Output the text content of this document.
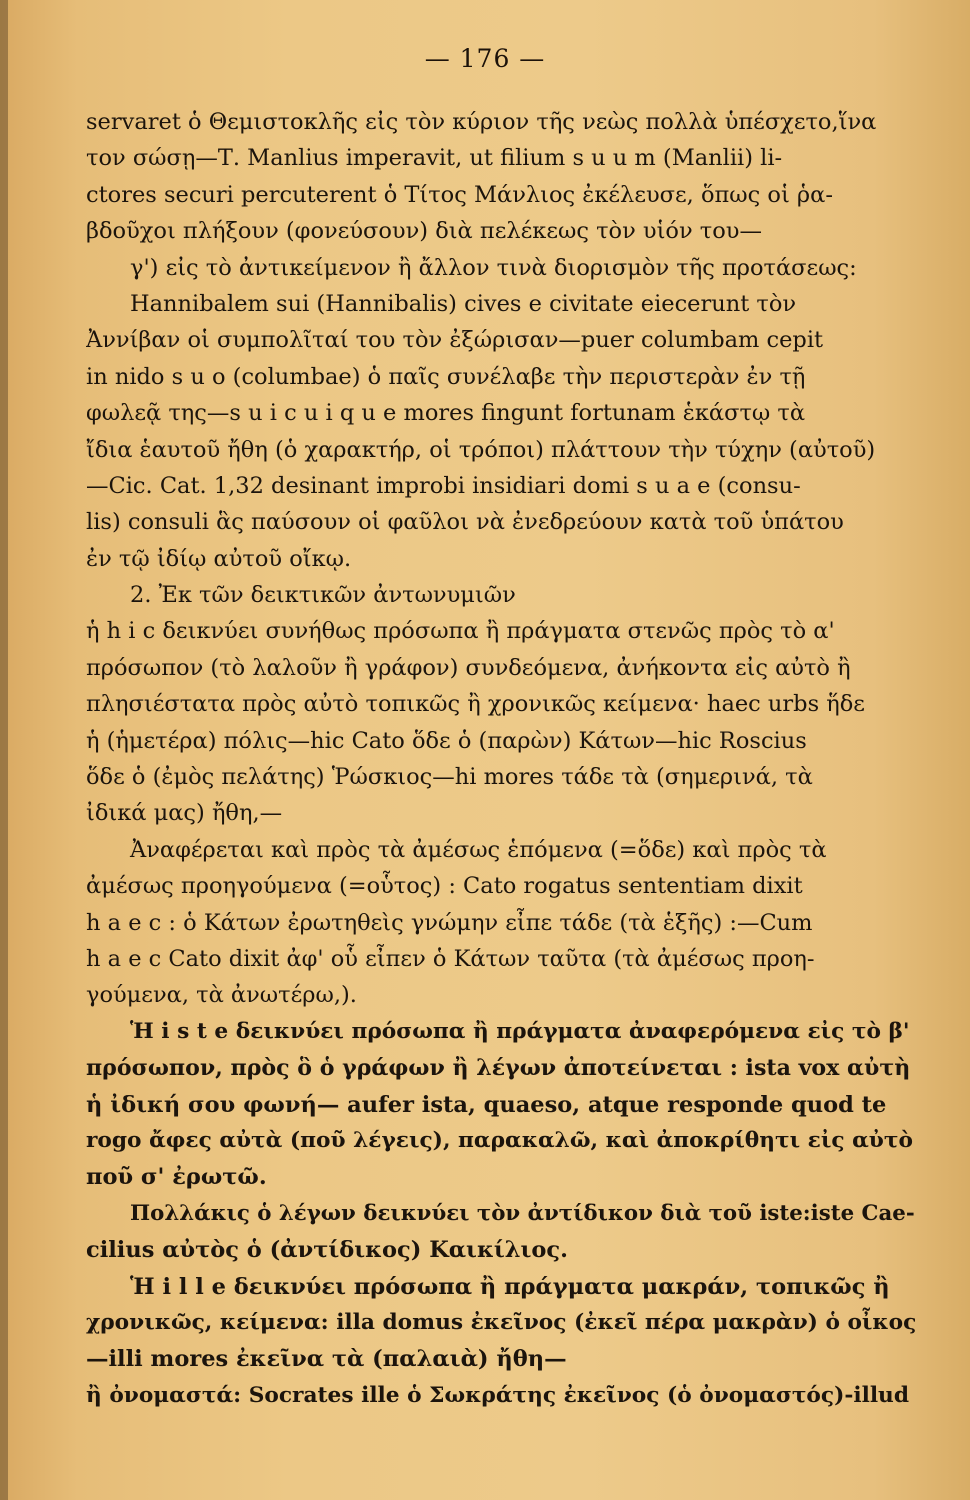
— 176 —
servaret ὁ Θεμιστοκλῆς εἰς τὸν κύριον τῆς νεὼς πολλὰ ὑπέσχετο,ἵνα
τον σώσῃ—Τ. Manlius imperavit, ut filium s u u m (Manlii) li-
ctores securi percuterent ὁ Τίτος Μάνλιος ἐκέλευσε, ὅπως οἱ ῥα-
βδοῦχοι πλήξουν (φονεύσουν) διὰ πελέκεως τὸν υἱόν του—
γ') εἰς τὸ ἀντικείμενον ἢ ἄλλον τινὰ διορισμὸν τῆς προτάσεως:
Hannibalem sui (Hannibalis) cives e civitate eiecerunt τὸν
Ἀννίβαν οἱ συμπολῖταί του τὸν ἐξώρισαν—puer columbam cepit
in nido s u o (columbae) ὁ παῖς συνέλαβε τὴν περιστερὰν ἐν τῇ
φωλεᾷ της—s u i c u i q u e mores fingunt fortunam ἑκάστῳ τὰ
ἴδια ἑαυτοῦ ἤθη (ὁ χαρακτήρ, οἱ τρόποι) πλάττουν τὴν τύχην (αὐτοῦ)
—Cic. Cat. 1,32 desinant improbi insidiari domi s u a e (consu-
lis) consuli ἃς παύσουν οἱ φαῦλοι νὰ ἐνεδρεύουν κατὰ τοῦ ὑπάτου
ἐν τῷ ἰδίῳ αὐτοῦ οἴκῳ.
2. Ἐκ τῶν δεικτικῶν ἀντωνυμιῶν
ἡ h i c δεικνύει συνήθως πρόσωπα ἢ πράγματα στενῶς πρὸς τὸ α'
πρόσωπον (τὸ λαλοῦν ἢ γράφον) συνδεόμενα, ἀνήκοντα εἰς αὐτὸ ἢ
πλησιέστατα πρὸς αὐτὸ τοπικῶς ἢ χρονικῶς κείμενα· haec urbs ἥδε
ἡ (ἡμετέρα) πόλις—hic Cato ὅδε ὁ (παρὼν) Κάτων—hic Roscius
ὅδε ὁ (ἐμὸς πελάτης) Ῥώσκιος—hi mores τάδε τὰ (σημερινά, τὰ
ἰδικά μας) ἤθη,—
Ἀναφέρεται καὶ πρὸς τὰ ἀμέσως ἑπόμενα (=ὅδε) καὶ πρὸς τὰ
ἀμέσως προηγούμενα (=οὗτος) : Cato rogatus sententiam dixit
h a e c : ὁ Κάτων ἐρωτηθεὶς γνώμην εἶπε τάδε (τὰ ἑξῆς) :—Cum
h a e c Cato dixit ἀφ' οὗ εἶπεν ὁ Κάτων ταῦτα (τὰ ἀμέσως προη-
γούμενα, τὰ ἀνωτέρω,).
Ἡ i s t e δεικνύει πρόσωπα ἢ πράγματα ἀναφερόμενα εἰς τὸ β'
πρόσωπον, πρὸς ὃ ὁ γράφων ἢ λέγων ἀποτείνεται : ista vox αὐτὴ
ἡ ἰδική σου φωνή— aufer ista, quaeso, atque responde quod te
rogo ἄφες αὐτὰ (ποῦ λέγεις), παρακαλῶ, καὶ ἀποκρίθητι εἰς αὐτὸ
ποῦ σ' ἐρωτῶ.
Πολλάκις ὁ λέγων δεικνύει τὸν ἀντίδικον διὰ τοῦ iste:iste Cae-
cilius αὐτὸς ὁ (ἀντίδικος) Καικίλιος.
Ἡ i l l e δεικνύει πρόσωπα ἢ πράγματα μακράν, τοπικῶς ἢ
χρονικῶς, κείμενα: illa domus ἐκεῖνος (ἐκεῖ πέρα μακρὰν) ὁ οἶκος
—illi mores ἐκεῖνα τὰ (παλαιὰ) ἤθη—
ἢ ὀνομαστά: Socrates ille ὁ Σωκράτης ἐκεῖνος (ὁ ὀνομαστός)-illud
